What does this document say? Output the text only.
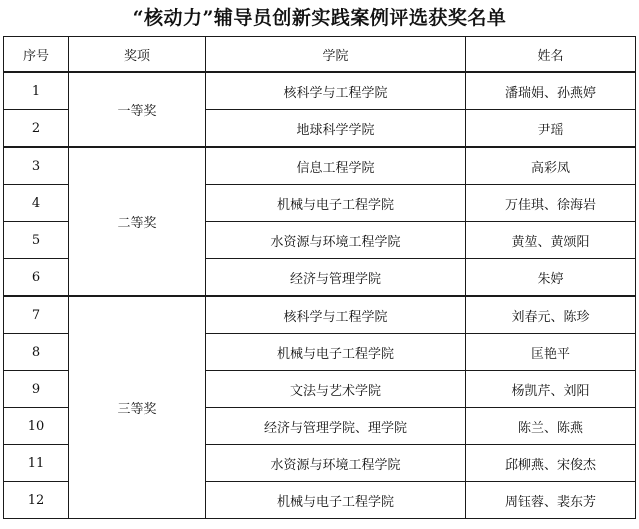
“核动力”辅导员创新实践案例评选获奖名单
序号	奖项	学院	姓名
1	一等奖	核科学与工程学院	潘瑞娟、孙燕婷
2		地球科学学院	尹瑶
3	二等奖	信息工程学院	高彩凤
4		机械与电子工程学院	万佳琪、徐海岩
5		水资源与环境工程学院	黄堃、黄颂阳
6		经济与管理学院	朱婷
7	三等奖	核科学与工程学院	刘春元、陈珍
8		机械与电子工程学院	匡艳平
9		文法与艺术学院	杨凯芹、刘阳
10		经济与管理学院、理学院	陈兰、陈燕
11		水资源与环境工程学院	邱柳燕、宋俊杰
12		机械与电子工程学院	周钰蓉、裴东芳
